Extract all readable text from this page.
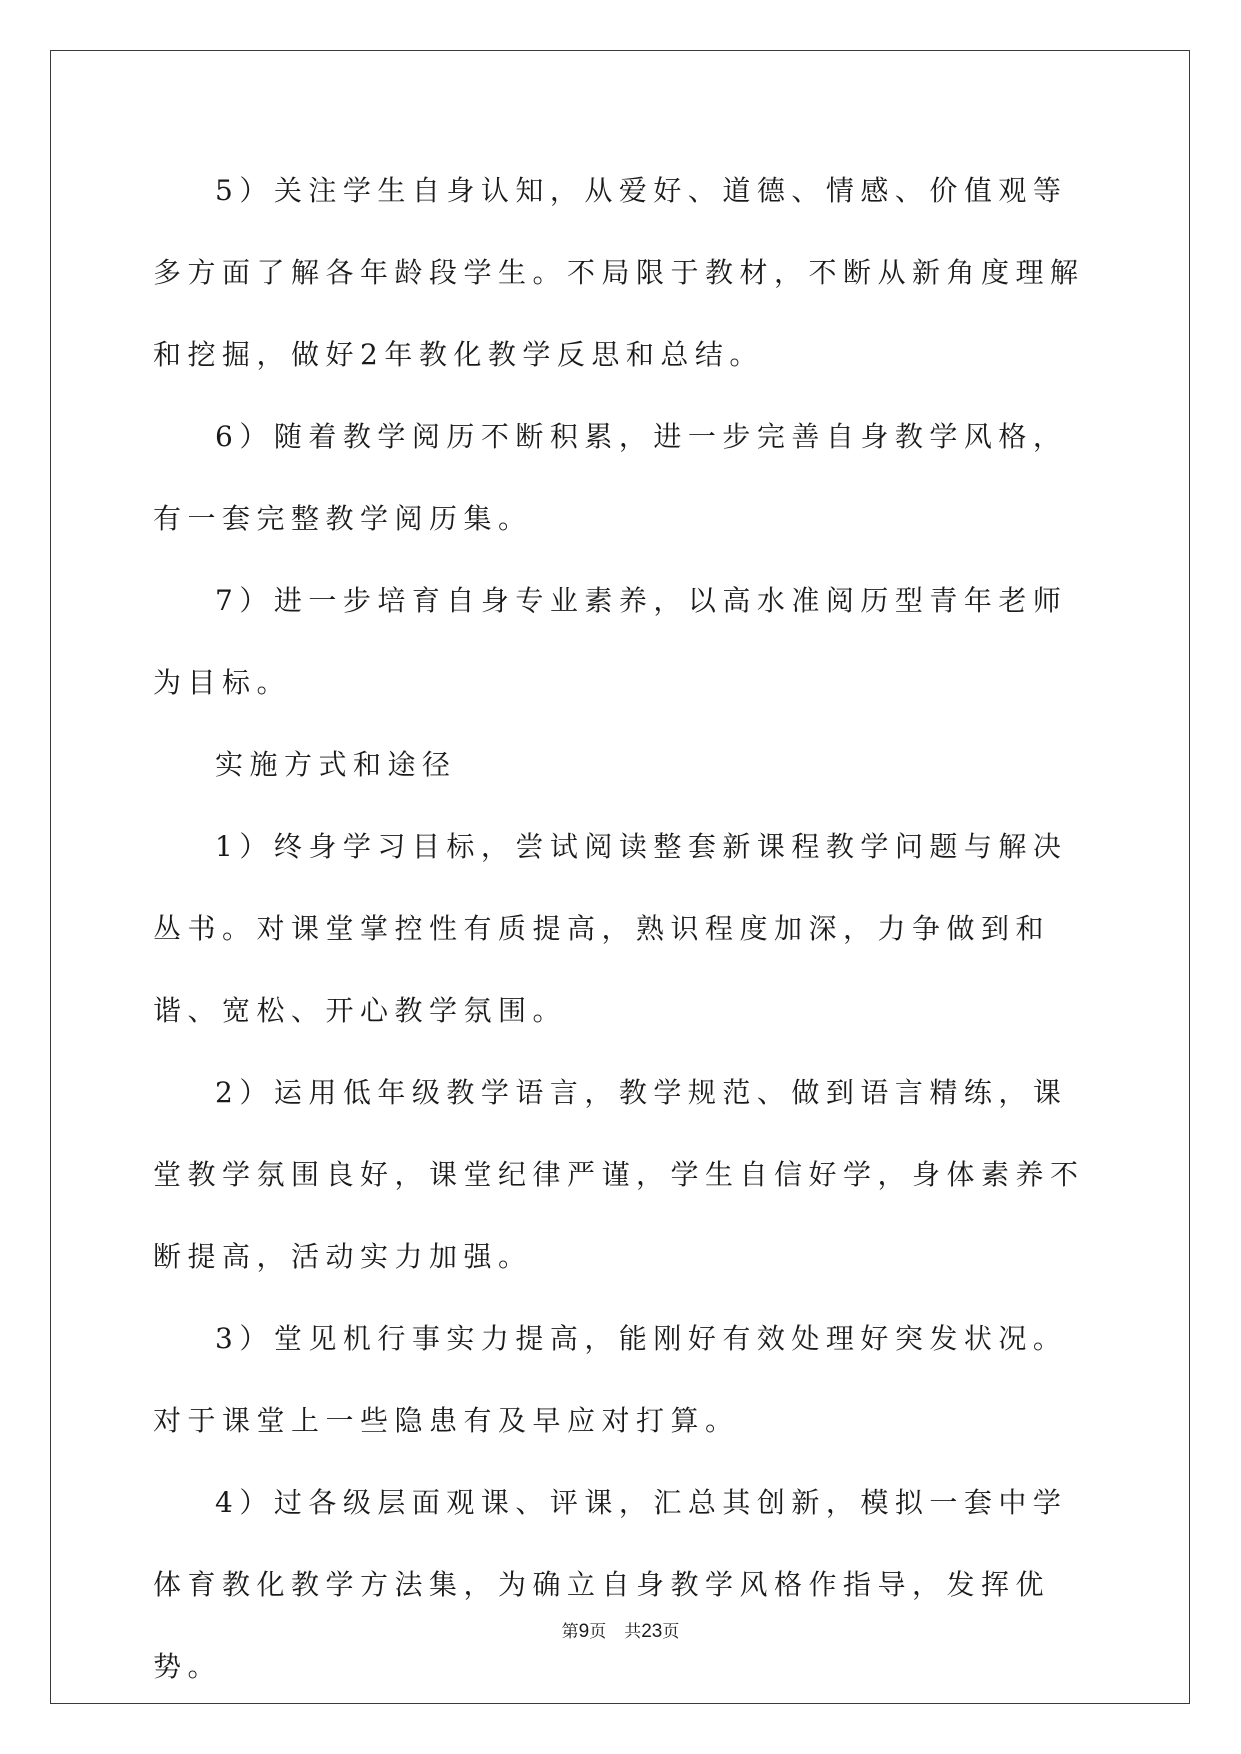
5）关注学生自身认知，从爱好、道德、情感、价值观等多方面了解各年龄段学生。不局限于教材，不断从新角度理解和挖掘，做好2年教化教学反思和总结。

6）随着教学阅历不断积累，进一步完善自身教学风格，有一套完整教学阅历集。

7）进一步培育自身专业素养，以高水准阅历型青年老师为目标。

实施方式和途径

1）终身学习目标，尝试阅读整套新课程教学问题与解决丛书。对课堂掌控性有质提高，熟识程度加深，力争做到和谐、宽松、开心教学氛围。

2）运用低年级教学语言，教学规范、做到语言精练，课堂教学氛围良好，课堂纪律严谨，学生自信好学，身体素养不断提高，活动实力加强。

3）堂见机行事实力提高，能刚好有效处理好突发状况。对于课堂上一些隐患有及早应对打算。

4）过各级层面观课、评课，汇总其创新，模拟一套中学体育教化教学方法集，为确立自身教学风格作指导，发挥优势。

第9页 共23页
